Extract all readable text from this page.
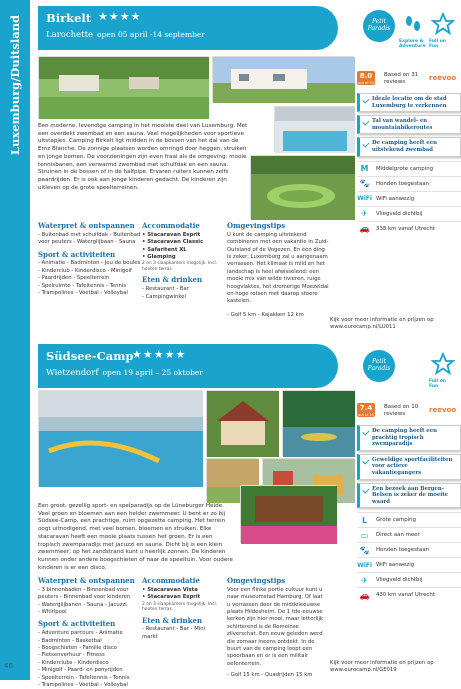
Luxemburg/Duitsland
46
Birkelt ★★★★
Larochette open 05 april -14 september
Petit Paradis
Explore & Adventure
Full on Fun
Een moderne, levendige camping in het mooiste deel van Luxemburg. Met een overdekt zwembad en een sauna. Veel mogelijkheden voor sportieve uitstapjes. Camping Birkelt ligt midden in de bossen van het dal van de Ernz Blanche. De zonnige plaatsen worden omringd door heggen, struiken en jonge bomen. De voorzieningen zijn even fraai als de omgeving: mooie tennisbanen, een verwarmd zwembad met schuifdak en een sauna. Struinen in de bossen of in de halfpipe. Ervaren ruiters kunnen zelfs paardrijden. Er is ook aan jonge kinderen gedacht. De kinderen zijn uitleven op de grote speelterreinen.
Waterpret & ontspannen
- Buitenbad met schuifdak - Buitenbad voor peuters - Waterglijbaan - Sauna
Sport & activiteiten
- Animatie - Badminton - Jeu de boules
- Kinderclub - Kinderdisco - Minigolf
- Paardrijden - Speelterrein
- Spelruimte - Tafeltennis - Tennis
- Trampolines - Voetbal - Volleybal
Accommodatie
• Stacaravan Esprit
• Stacaravan Classic
• Safaritent XL
• Glamping
2 en 3 slaapkamers mogelijk. Incl. houten terras.
Eten & drinken
- Restaurant - Bar
- Campingwinkel
Omgevingstips
U kunt de camping uitstekend combineren met een vakantie in Zuid-Outsland of de Vogezen. En één ding is zeker, Luxemburg zal u aangenaam verrassen. Het klimaat is mild en het landschap is heel afwisselend: een mooie mix van wilde rivieren, ruige hoogvlaktes, het dromerige Moezeldal en hoge rotsen met daarop stoere kastelen.
- Golf 5 km - Kajakken 12 km
8.0
out of 10
Based on 31 reviews
reevoo
Ideale locatie om de stad Luxemburg te verkennen
Tal van wandel- en mountainbikeroutes
De camping heeft een uitstekend zwembad
M	Middelgrote camping
🐾	Honden toegestaan
WiFi WiFi aanwezig
✈	Vliegveld dichtbij
🚗	338 km vanaf Utrecht
Kijk voor meer informatie en prijzen op www.eurocamp.nl/LU011
Südsee-Camp
★★★★★
Wietzendorf open 19 april – 25 oktober
Petit Paradis
Full on Fun
Een groot, gezellig sport- en spelparadijs op de Lüneburger Heide. Veel groen en bloemen aan een helder zwemmeer. U bent er zo bij Südsee-Camp, een prachtige, ruim opgezette camping. Het terrein oogt uitnodigend, met veel bomen, bloemen en struiken. Elke stacaravan heeft een mooie plaats tussen het groen. Er is een tropisch zwemparadijs met jacuzzi en sauna. Dicht bij is een klein zwemmeer; op het zandstrand kunt u heerlijk zonnen. De kinderen kunnen onder andere boogschieten of naar de speeltuin. Voor oudere kinderen is er een disco.
Waterpret & ontspannen
- 3 binnenbaden - Binnenbad voor peuters - Binnenbad voor kinderen
- Waterglijbanen - Sauna - Jacuzzi
- Whirlpool
Sport & activiteiten
- Adventure parcours - Animatie
- Badminton - Basketbal
- Boogschieten - Familie disco
- Fietsenverhuur - Fitness
- Kinderclubs - Kinderdisco
- Minigolf - Paard- en ponyrijden
- Speelterrein - Tafeltennis - Tennis
- Trampolines - Voetbal - Volleybal
Accommodatie
• Stacaravan Vista
• Stacaravan Esprit
2 en 3 slaapkamers mogelijk. Incl. houten terras.
Eten & drinken
- Restaurant - Bar - Mini markt
Omgevingstips
Voor een flinke portie cultuur kunt u naar museumstad Hamburg. Of laat u verrassen door de middeleeuwse plaats Hildesheim. De 1 tde-eeuwse kerken zijn hier mooi, maar letterlijk schitterend is de Romeinse zilverschat. Een eeuw geleden werd die zomaar ineens ontdekt. In de buurt van de camping loopt een spoorbaan en er is een militair oefenterrein.
- Golf 15 km - Quadrijden 15 km
7.4
out of 10
Based on 10 reviews
reevoo
De camping heeft een prachtig tropisch zwemparadijs
Geweldige sportfaciliteiten voor actieve vakantiegangers
Een bezoek aan Bergen-Belsen is zeker de moeite waard
L	Grote camping
▭	Direct aan meer
🐾	Honden toegestaan
WiFi WiFi aanwezig
✈	Vliegveld dichtbij
🚗	430 km vanaf Utrecht
Kijk voor meer informatie en prijzen op www.eurocamp.nl/GE019
